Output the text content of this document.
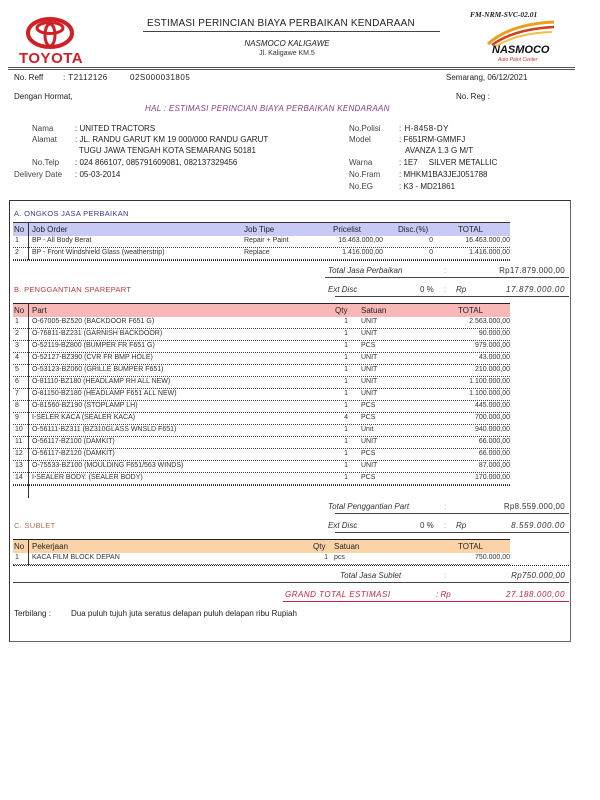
TOYOTA
ESTIMASI PERINCIAN BIAYA PERBAIKAN KENDARAAN
NASMOCO KALIGAWE
Jl. Kaligawe KM.5
FM-NRM-SVC-02.01
NASMOCO
Auto Paint Center
No. Reff : T2112126	02S000031805	Semarang, 06/12/2021
Dengan Hormat,	No. Reg :
HAL : ESTIMASI PERINCIAN BIAYA PERBAIKAN KENDARAAN
Nama	: UNITED TRACTORS
Alamat : JL. RANDU GARUT KM 19 000/000 RANDU GARUT
TUGU JAWA TENGAH KOTA SEMARANG 50181
No.Telp : 024 866107, 085791609081, 082137329456
Delivery Date : 05-03-2014
No.Polisi : H-8458-DY
Model	: F651RM-GMMFJ
AVANZA 1.3 G M/T
Warna	: 1E7     SILVER METALLIC
No.Fram : MHKM1BA3JEJ051788
No.EG	: K3 - MD21861
A. ONGKOS JASA PERBAIKAN
No Job Order	Job Tipe	Pricelist	Disc.(%)	TOTAL
1 BP - All Body Berat	Repair + Paint	16.463.000,00	0	16.463.000,00
2 BP - Front Windshield Glass (weatherstrip)	Replace	1.416.000,00	0	1.416.000,00
Total Jasa Perbaikan	:	Rp17.879.000,00
B. PENGGANTIAN SPAREPART	Ext Disc	0 % : Rp	17.879.000.00
No Part	Qty Satuan	TOTAL
1 O-67005-BZ520 (BACKDOOR F651 G)	1 UNIT	2.563.000,00
2 O-76811-BZ231 (GARNISH BACKDOOR)	1 UNIT	90.000,00
3 O-52119-BZ800 (BUMPER FR F651 G)	1 PCS	979.000,00
4 O-52127-BZ390 (CVR FR BMP HOLE)	1 UNIT	43.000,00
5 O-53123-BZ060 (GRILLE BUMPER F651)	1 UNIT	210.000,00
6 O-81110-BZ180 (HEADLAMP RH ALL NEW)	1 UNIT	1.100.000,00
7 O-81150-BZ180 (HEADLAMP F651 ALL NEW)	1 UNIT	1.100.000,00
8 O-81560-BZ190 (STOPLAMP LH)	1 PCS	445.000,00
9 I-SELER KACA (SEALER KACA)	4 PCS	700.000,00
10 O-56111-BZ311 (BZ310GLASS WNSLD F651)	1 Unit	940.000,00
11 O-56117-BZ100 (DAMKIT)	1 UNIT	66.000,00
12 O-56117-BZ120 (DAMKIT)	1 PCS	66.000,00
13 O-75533-BZ100 (MOULDING F651/563 WINDS)	1 UNIT	87.000,00
14 I-SEALER BODY. (SEALER BODY)	1 PCS	170.000,00
Total Penggantian Part	:	Rp8.559.000,00
C. SUBLET	Ext Disc	0 % : Rp	8.559.000.00
No Pekerjaan	Qty Satuan	TOTAL
1 KACA FILM BLOCK DEPAN	1 pcs	750.000,00
Total Jasa Sublet	:	Rp750.000,00
GRAND TOTAL ESTIMASI	: Rp	27.188.000,00
Terbilang :	Dua puluh tujuh juta seratus delapan puluh delapan ribu Rupiah
